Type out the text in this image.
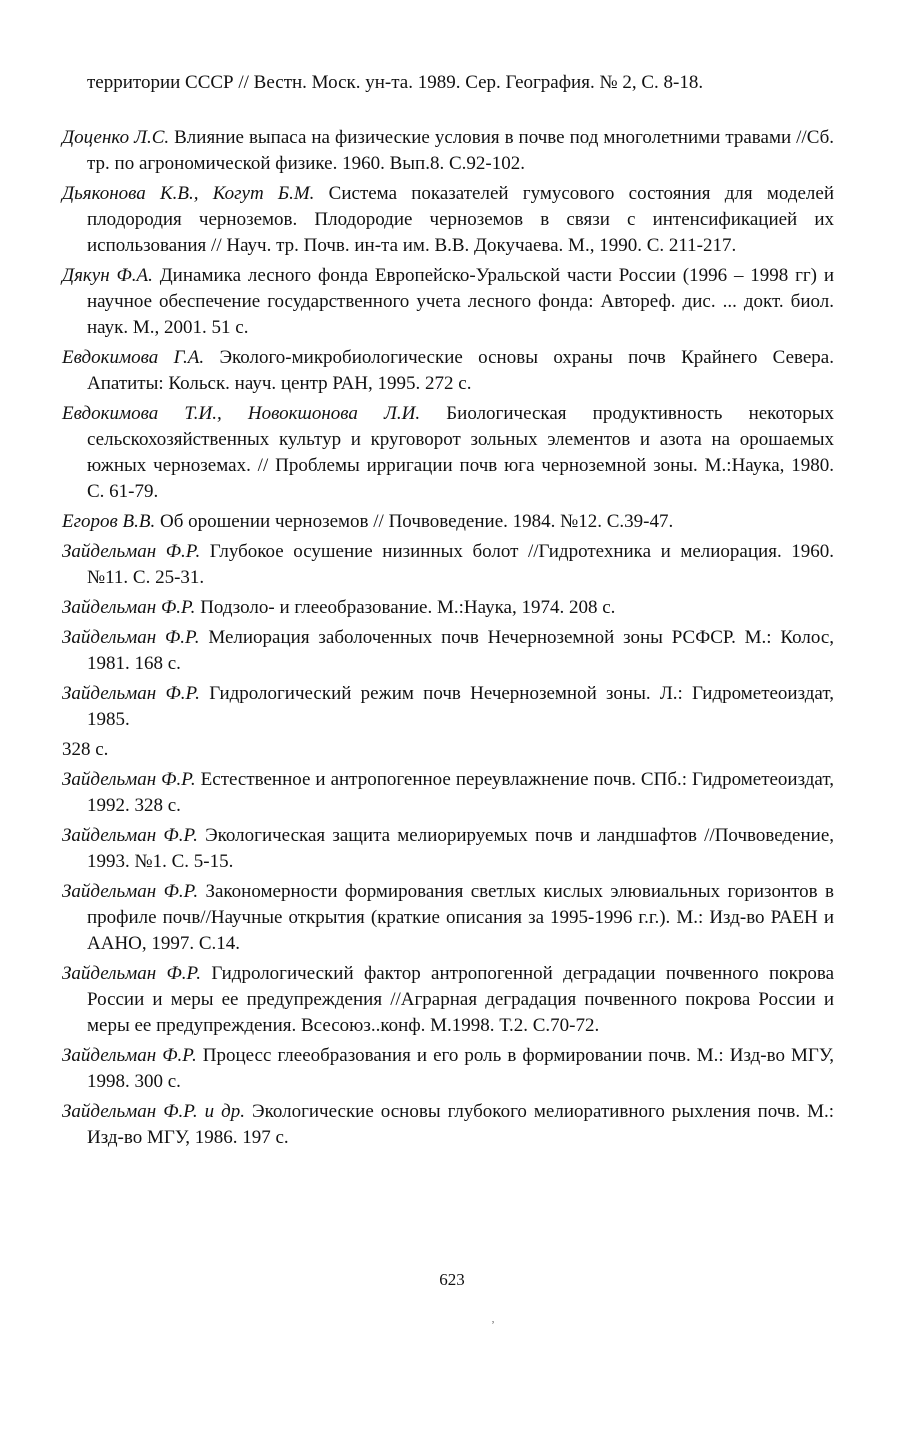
территории СССР // Вестн. Моск. ун-та. 1989. Сер. География. № 2, С. 8-18.

Доценко Л.С. Влияние выпаса на физические условия в почве под многолетними травами //Сб. тр. по агрономической физике. 1960. Вып.8. С.92-102.

Дьяконова К.В., Когут Б.М. Система показателей гумусового состояния для моделей плодородия черноземов. Плодородие черноземов в связи с интенсификацией их использования // Науч. тр. Почв. ин-та им. В.В. Докучаева. М., 1990. С. 211-217.

Дякун Ф.А. Динамика лесного фонда Европейско-Уральской части России (1996 – 1998 гг) и научное обеспечение государственного учета лесного фонда: Автореф. дис. ... докт. биол. наук. М., 2001. 51 с.

Евдокимова Г.А. Эколого-микробиологические основы охраны почв Крайнего Севера. Апатиты: Кольск. науч. центр РАН, 1995. 272 с.

Евдокимова Т.И., Новокшонова Л.И. Биологическая продуктивность некоторых сельскохозяйственных культур и круговорот зольных элементов и азота на орошаемых южных черноземах. // Проблемы ирригации почв юга черноземной зоны. М.:Наука, 1980. С. 61-79.

Егоров В.В. Об орошении черноземов // Почвоведение. 1984. №12. С.39-47.

Зайдельман Ф.Р. Глубокое осушение низинных болот //Гидротехника и мелиорация. 1960. №11. С. 25-31.

Зайдельман Ф.Р. Подзоло- и глееобразование. М.:Наука, 1974. 208 с.

Зайдельман Ф.Р. Мелиорация заболоченных почв Нечерноземной зоны РСФСР. М.: Колос, 1981. 168 с.

Зайдельман Ф.Р. Гидрологический режим почв Нечерноземной зоны. Л.: Гидрометеоиздат, 1985.

328 с.

Зайдельман Ф.Р. Естественное и антропогенное переувлажнение почв. СПб.: Гидрометеоиздат, 1992. 328 с.

Зайдельман Ф.Р. Экологическая защита мелиорируемых почв и ландшафтов //Почвоведение, 1993. №1. С. 5-15.

Зайдельман Ф.Р. Закономерности формирования светлых кислых элювиальных горизонтов в профиле почв//Научные открытия (краткие описания за 1995-1996 г.г.). М.: Изд-во РАЕН и ААНО, 1997. С.14.

Зайдельман Ф.Р. Гидрологический фактор антропогенной деградации почвенного покрова России и меры ее предупреждения //Аграрная деградация почвенного покрова России и меры ее предупреждения. Всесоюз..конф. М.1998. Т.2. С.70-72.

Зайдельман Ф.Р. Процесс глееобразования и его роль в формировании почв. М.: Изд-во МГУ, 1998. 300 с.

Зайдельман Ф.Р. и др. Экологические основы глубокого мелиоративного рыхления почв. М.: Изд-во МГУ, 1986. 197 с.

623
‚
